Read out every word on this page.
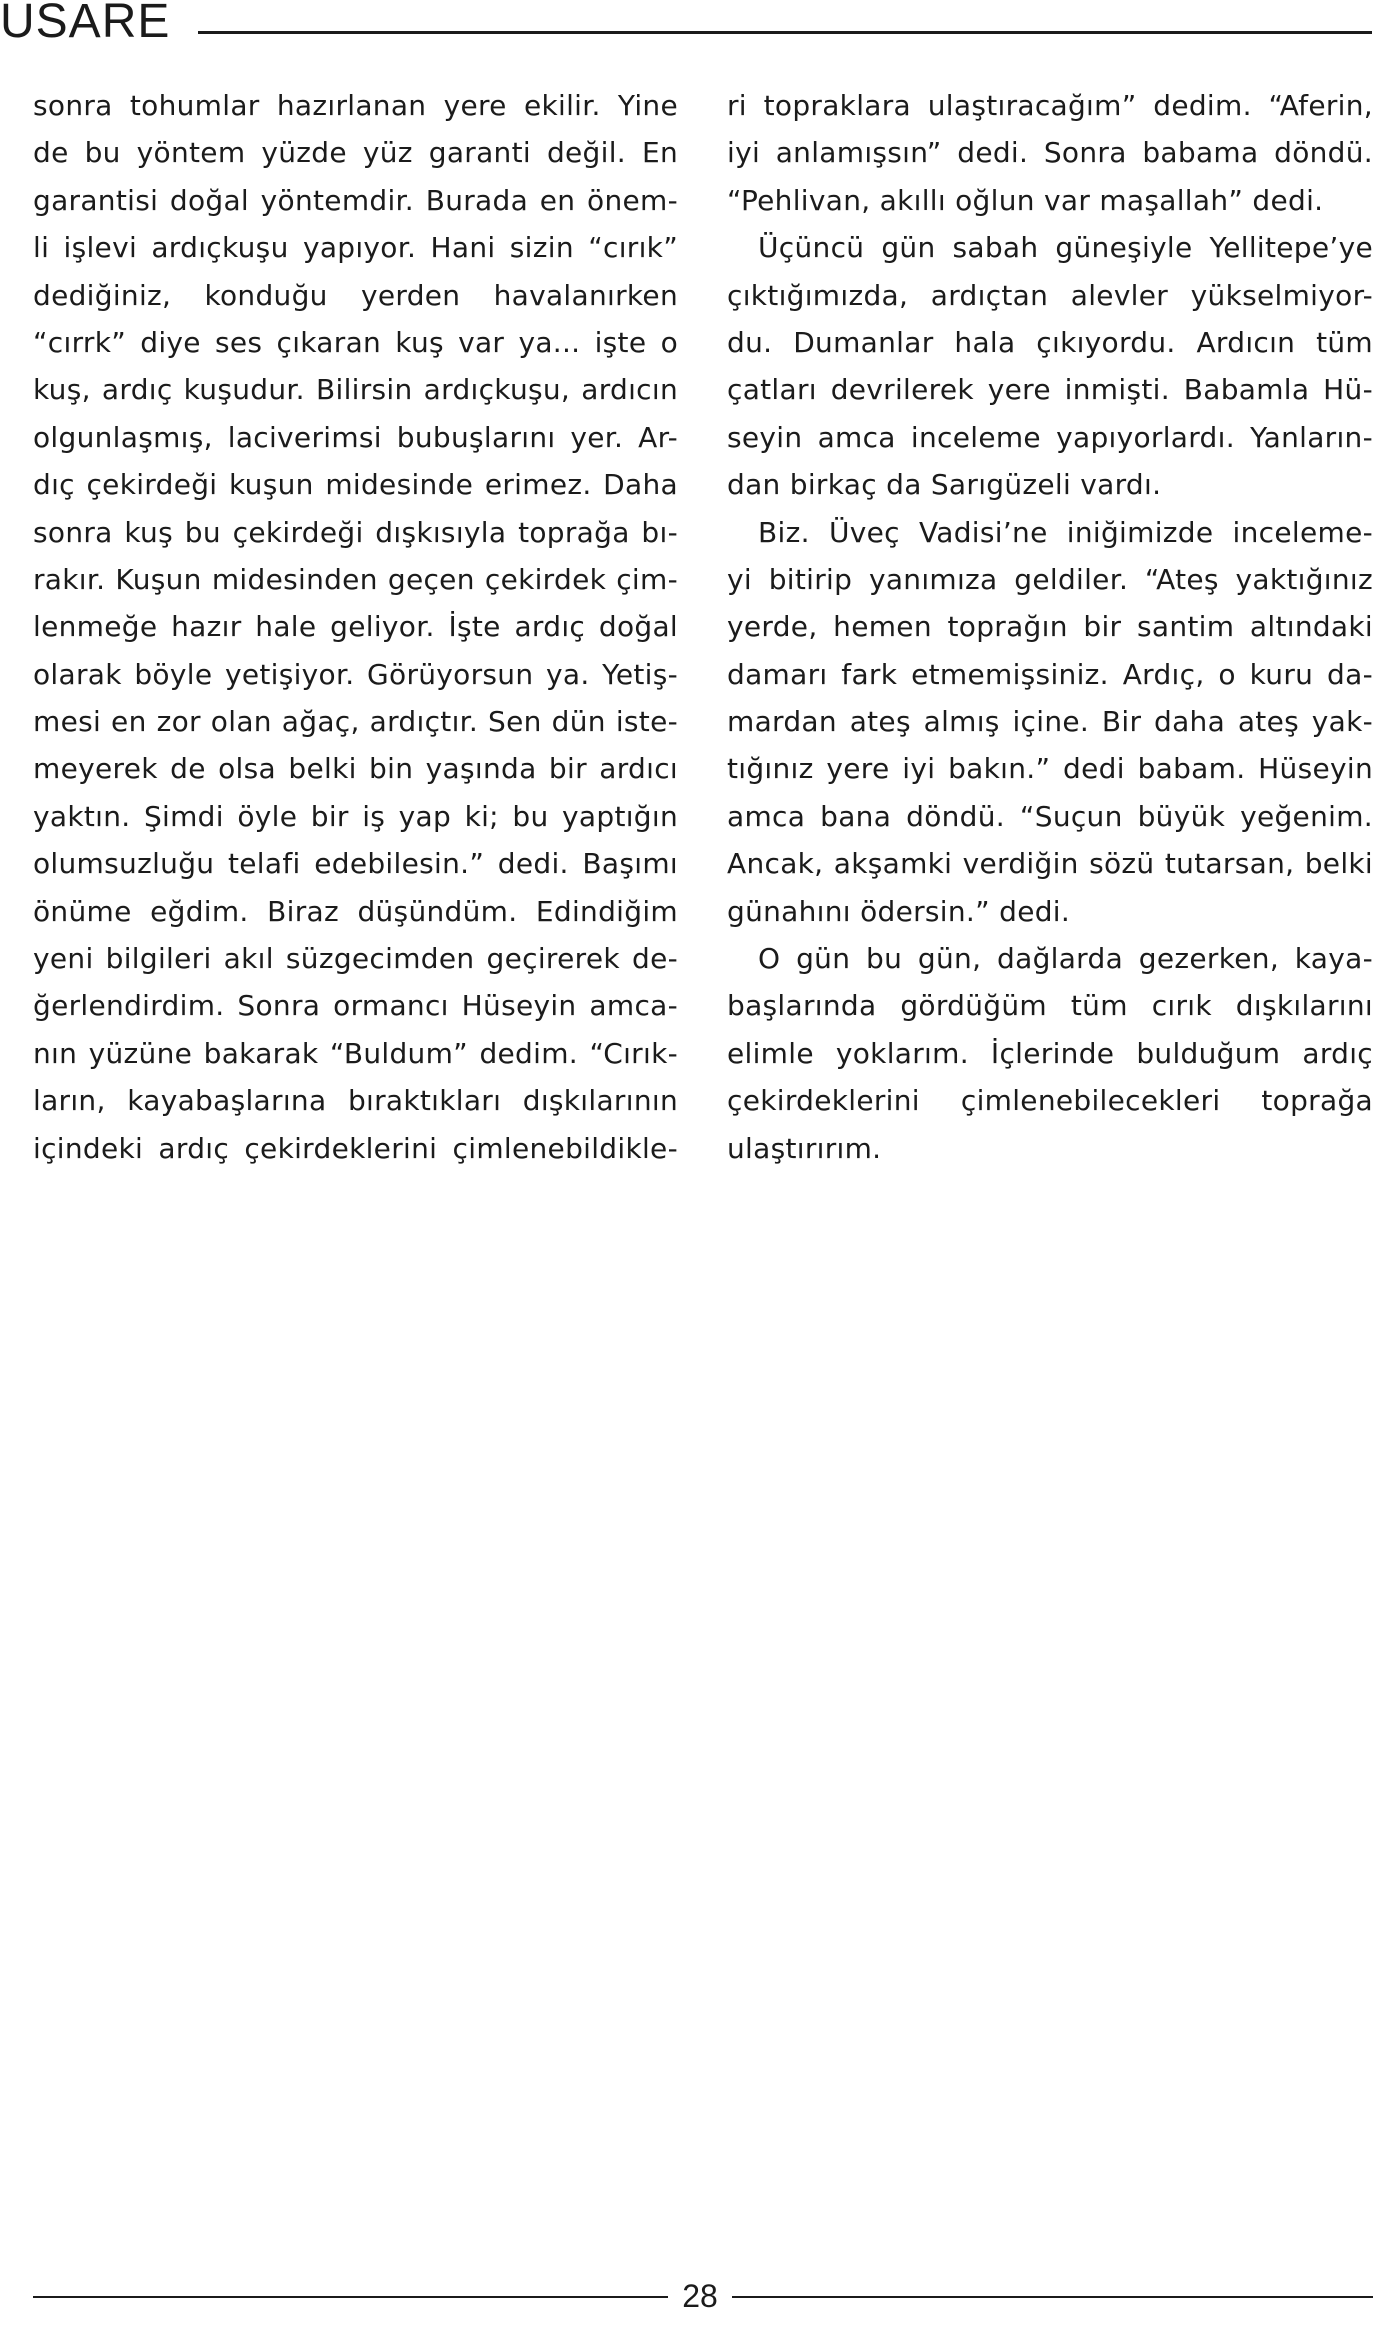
USARE
sonra tohumlar hazırlanan yere ekilir. Yine
de bu yöntem yüzde yüz garanti değil. En
garantisi doğal yöntemdir. Burada en önem-
li işlevi ardıçkuşu yapıyor. Hani sizin “cırık”
dediğiniz, konduğu yerden havalanırken
“cırrk” diye ses çıkaran kuş var ya... işte o
kuş, ardıç kuşudur. Bilirsin ardıçkuşu, ardıcın
olgunlaşmış, laciverimsi bubuşlarını yer. Ar-
dıç çekirdeği kuşun midesinde erimez. Daha
sonra kuş bu çekirdeği dışkısıyla toprağa bı-
rakır. Kuşun midesinden geçen çekirdek çim-
lenmeğe hazır hale geliyor. İşte ardıç doğal
olarak böyle yetişiyor. Görüyorsun ya. Yetiş-
mesi en zor olan ağaç, ardıçtır. Sen dün iste-
meyerek de olsa belki bin yaşında bir ardıcı
yaktın. Şimdi öyle bir iş yap ki; bu yaptığın
olumsuzluğu telafi edebilesin.” dedi. Başımı
önüme eğdim. Biraz düşündüm. Edindiğim
yeni bilgileri akıl süzgecimden geçirerek de-
ğerlendirdim. Sonra ormancı Hüseyin amca-
nın yüzüne bakarak “Buldum” dedim. “Cırık-
ların, kayabaşlarına bıraktıkları dışkılarının
içindeki ardıç çekirdeklerini çimlenebildikle-
ri topraklara ulaştıracağım” dedim. “Aferin,
iyi anlamışsın” dedi. Sonra babama döndü.
“Pehlivan, akıllı oğlun var maşallah” dedi.
Üçüncü gün sabah güneşiyle Yellitepe’ye
çıktığımızda, ardıçtan alevler yükselmiyor-
du. Dumanlar hala çıkıyordu. Ardıcın tüm
çatları devrilerek yere inmişti. Babamla Hü-
seyin amca inceleme yapıyorlardı. Yanların-
dan birkaç da Sarıgüzeli vardı.
Biz. Üveç Vadisi’ne iniğimizde inceleme-
yi bitirip yanımıza geldiler. “Ateş yaktığınız
yerde, hemen toprağın bir santim altındaki
damarı fark etmemişsiniz. Ardıç, o kuru da-
mardan ateş almış içine. Bir daha ateş yak-
tığınız yere iyi bakın.” dedi babam. Hüseyin
amca bana döndü. “Suçun büyük yeğenim.
Ancak, akşamki verdiğin sözü tutarsan, belki
günahını ödersin.” dedi.
O gün bu gün, dağlarda gezerken, kaya-
başlarında gördüğüm tüm cırık dışkılarını
elimle yoklarım. İçlerinde bulduğum ardıç
çekirdeklerini çimlenebilecekleri toprağa
ulaştırırım.
28
